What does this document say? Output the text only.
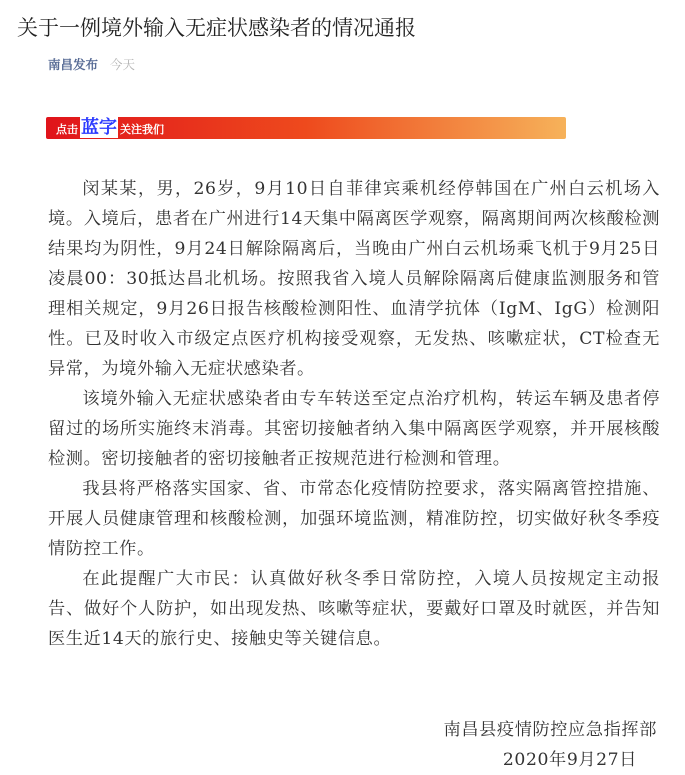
关于一例境外输入无症状感染者的情况通报
南昌发布 今天
点击 蓝字 关注我们

闵某某，男，26岁，9月10日自菲律宾乘机经停韩国在广州白云机场入境。入境后，患者在广州进行14天集中隔离医学观察，隔离期间两次核酸检测结果均为阴性，9月24日解除隔离后，当晚由广州白云机场乘飞机于9月25日凌晨00：30抵达昌北机场。按照我省入境人员解除隔离后健康监测服务和管理相关规定，9月26日报告核酸检测阳性、血清学抗体（IgM、IgG）检测阳性。已及时收入市级定点医疗机构接受观察，无发热、咳嗽症状，CT检查无异常，为境外输入无症状感染者。

该境外输入无症状感染者由专车转送至定点治疗机构，转运车辆及患者停留过的场所实施终末消毒。其密切接触者纳入集中隔离医学观察，并开展核酸检测。密切接触者的密切接触者正按规范进行检测和管理。

我县将严格落实国家、省、市常态化疫情防控要求，落实隔离管控措施、开展人员健康管理和核酸检测，加强环境监测，精准防控，切实做好秋冬季疫情防控工作。

在此提醒广大市民：认真做好秋冬季日常防控，入境人员按规定主动报告、做好个人防护，如出现发热、咳嗽等症状，要戴好口罩及时就医，并告知医生近14天的旅行史、接触史等关键信息。

南昌县疫情防控应急指挥部
2020年9月27日
